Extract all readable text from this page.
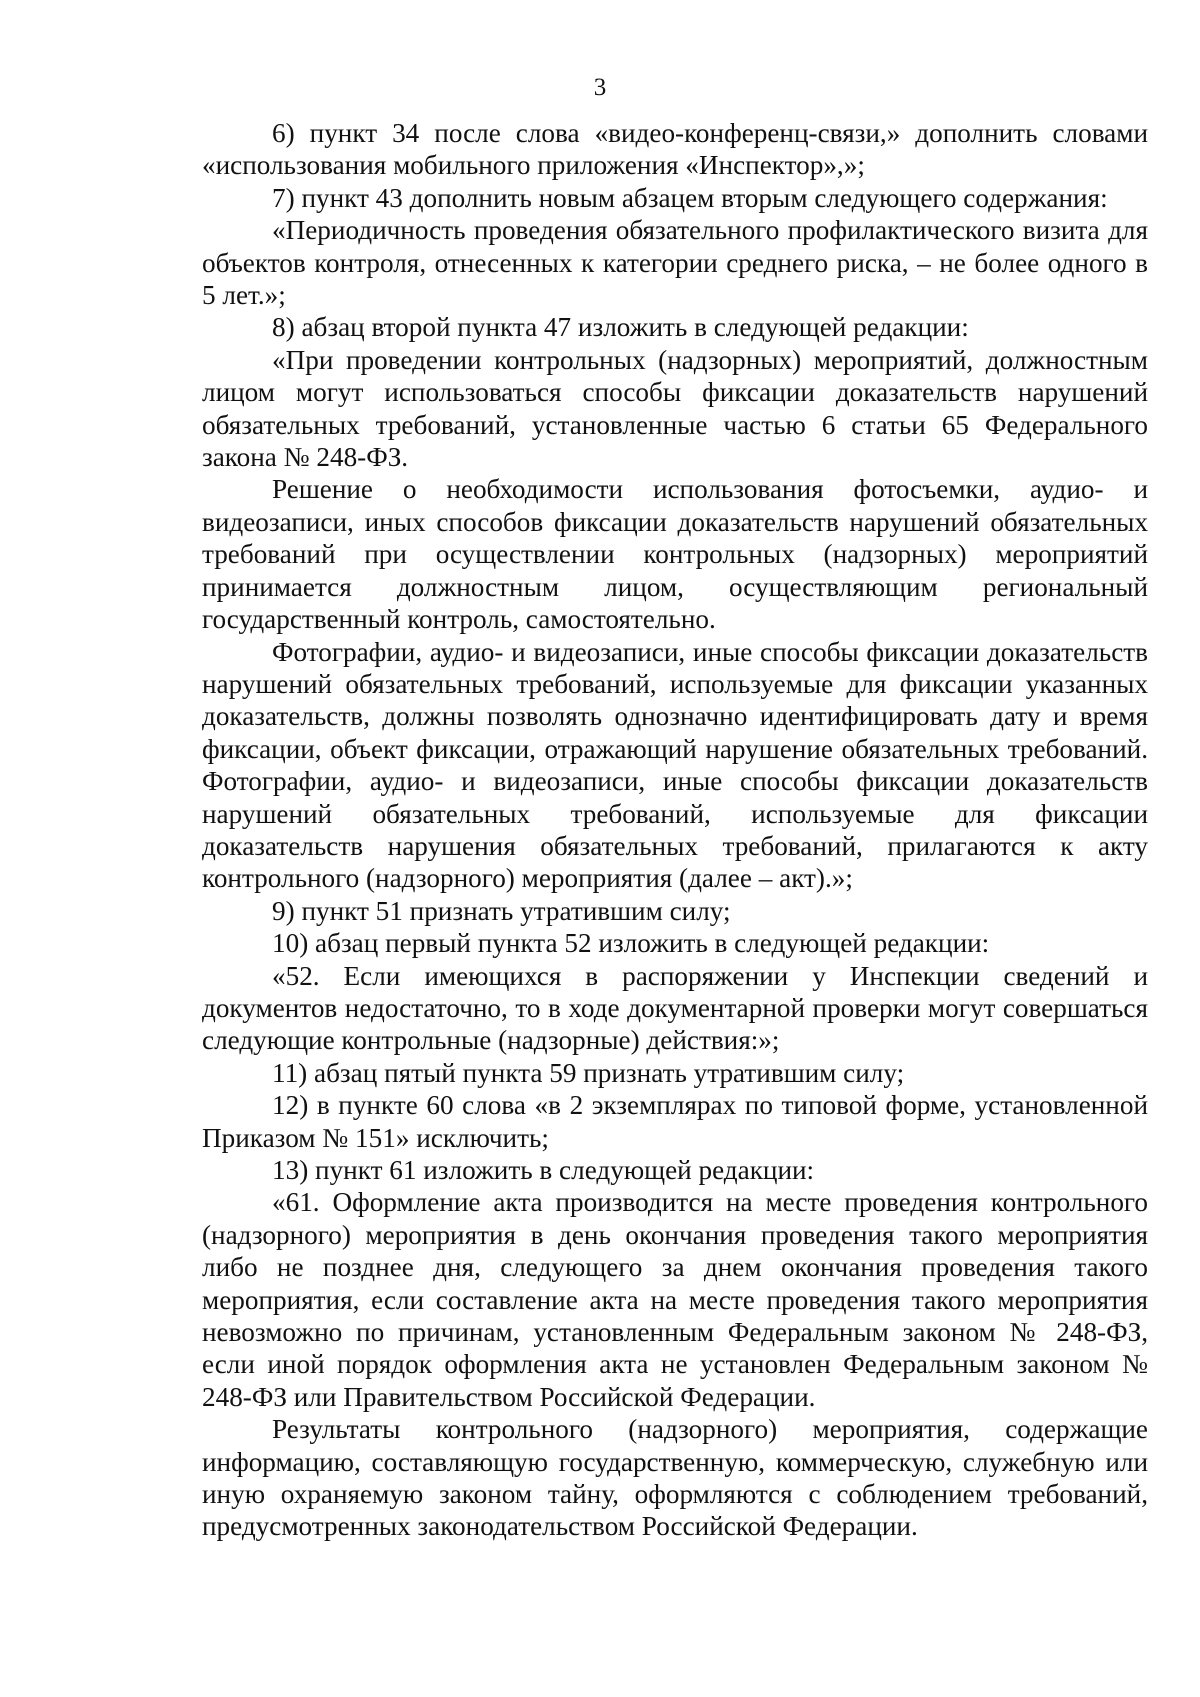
3

6) пункт 34 после слова «видео-конференц-связи,» дополнить словами «использования мобильного приложения «Инспектор»,»;

7) пункт 43 дополнить новым абзацем вторым следующего содержания:

«Периодичность проведения обязательного профилактического визита для объектов контроля, отнесенных к категории среднего риска, – не более одного в 5 лет.»;

8) абзац второй пункта 47 изложить в следующей редакции:

«При проведении контрольных (надзорных) мероприятий, должностным лицом могут использоваться способы фиксации доказательств нарушений обязательных требований, установленные частью 6 статьи 65 Федерального закона № 248-ФЗ.

Решение о необходимости использования фотосъемки, аудио- и видеозаписи, иных способов фиксации доказательств нарушений обязательных требований при осуществлении контрольных (надзорных) мероприятий принимается должностным лицом, осуществляющим региональный государственный контроль, самостоятельно.

Фотографии, аудио- и видеозаписи, иные способы фиксации доказательств нарушений обязательных требований, используемые для фиксации указанных доказательств, должны позволять однозначно идентифицировать дату и время фиксации, объект фиксации, отражающий нарушение обязательных требований. Фотографии, аудио- и видеозаписи, иные способы фиксации доказательств нарушений обязательных требований, используемые для фиксации доказательств нарушения обязательных требований, прилагаются к акту контрольного (надзорного) мероприятия (далее – акт).»;

9) пункт 51 признать утратившим силу;

10) абзац первый пункта 52 изложить в следующей редакции:

«52. Если имеющихся в распоряжении у Инспекции сведений и документов недостаточно, то в ходе документарной проверки могут совершаться следующие контрольные (надзорные) действия:»;

11) абзац пятый пункта 59 признать утратившим силу;

12) в пункте 60 слова «в 2 экземплярах по типовой форме, установленной Приказом № 151» исключить;

13) пункт 61 изложить в следующей редакции:

«61. Оформление акта производится на месте проведения контрольного (надзорного) мероприятия в день окончания проведения такого мероприятия либо не позднее дня, следующего за днем окончания проведения такого мероприятия, если составление акта на месте проведения такого мероприятия невозможно по причинам, установленным Федеральным законом № 248-ФЗ, если иной порядок оформления акта не установлен Федеральным законом № 248-ФЗ или Правительством Российской Федерации.

Результаты контрольного (надзорного) мероприятия, содержащие информацию, составляющую государственную, коммерческую, служебную или иную охраняемую законом тайну, оформляются с соблюдением требований, предусмотренных законодательством Российской Федерации.
